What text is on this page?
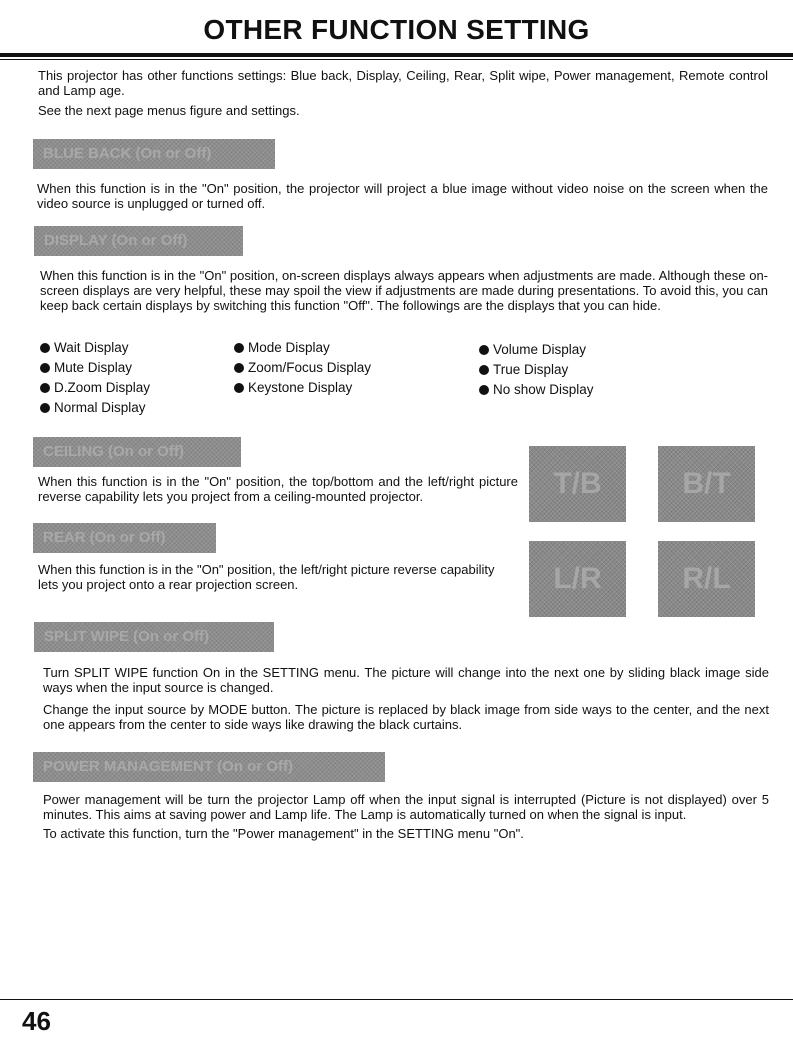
OTHER FUNCTION SETTING

This projector has other functions settings: Blue back, Display, Ceiling, Rear, Split wipe, Power management, Remote control and Lamp age.

See the next page menus figure and settings.

BLUE BACK (On or Off)

When this function is in the "On" position, the projector will project a blue image without video noise on the screen when the video source is unplugged or turned off.

DISPLAY (On or Off)

When this function is in the "On" position, on-screen displays always appears when adjustments are made. Although these on-screen displays are very helpful, these may spoil the view if adjustments are made during presentations. To avoid this, you can keep back certain displays by switching this function "Off". The followings are the displays that you can hide.

Wait Display
Mute Display
D.Zoom Display
Normal Display
Mode Display
Zoom/Focus Display
Keystone Display
Volume Display
True Display
No show Display
CEILING (On or Off)

When this function is in the "On" position, the top/bottom and the left/right picture reverse capability lets you project from a ceiling-mounted projector.	T/B	B/T
REAR (On or Off)

When this function is in the "On" position, the left/right picture reverse capability lets you project onto a rear projection screen.	L/R	R/L
SPLIT WIPE (On or Off)

Turn SPLIT WIPE function On in the SETTING menu. The picture will change into the next one by sliding black image side ways when the input source is changed.

Change the input source by MODE button. The picture is replaced by black image from side ways to the center, and the next one appears from the center to side ways like drawing the black curtains.

POWER MANAGEMENT (On or Off)

Power management will be turn the projector Lamp off when the input signal is interrupted (Picture is not displayed) over 5 minutes. This aims at saving power and Lamp life. The Lamp is automatically turned on when the signal is input.

To activate this function, turn the "Power management" in the SETTING menu "On".

46
